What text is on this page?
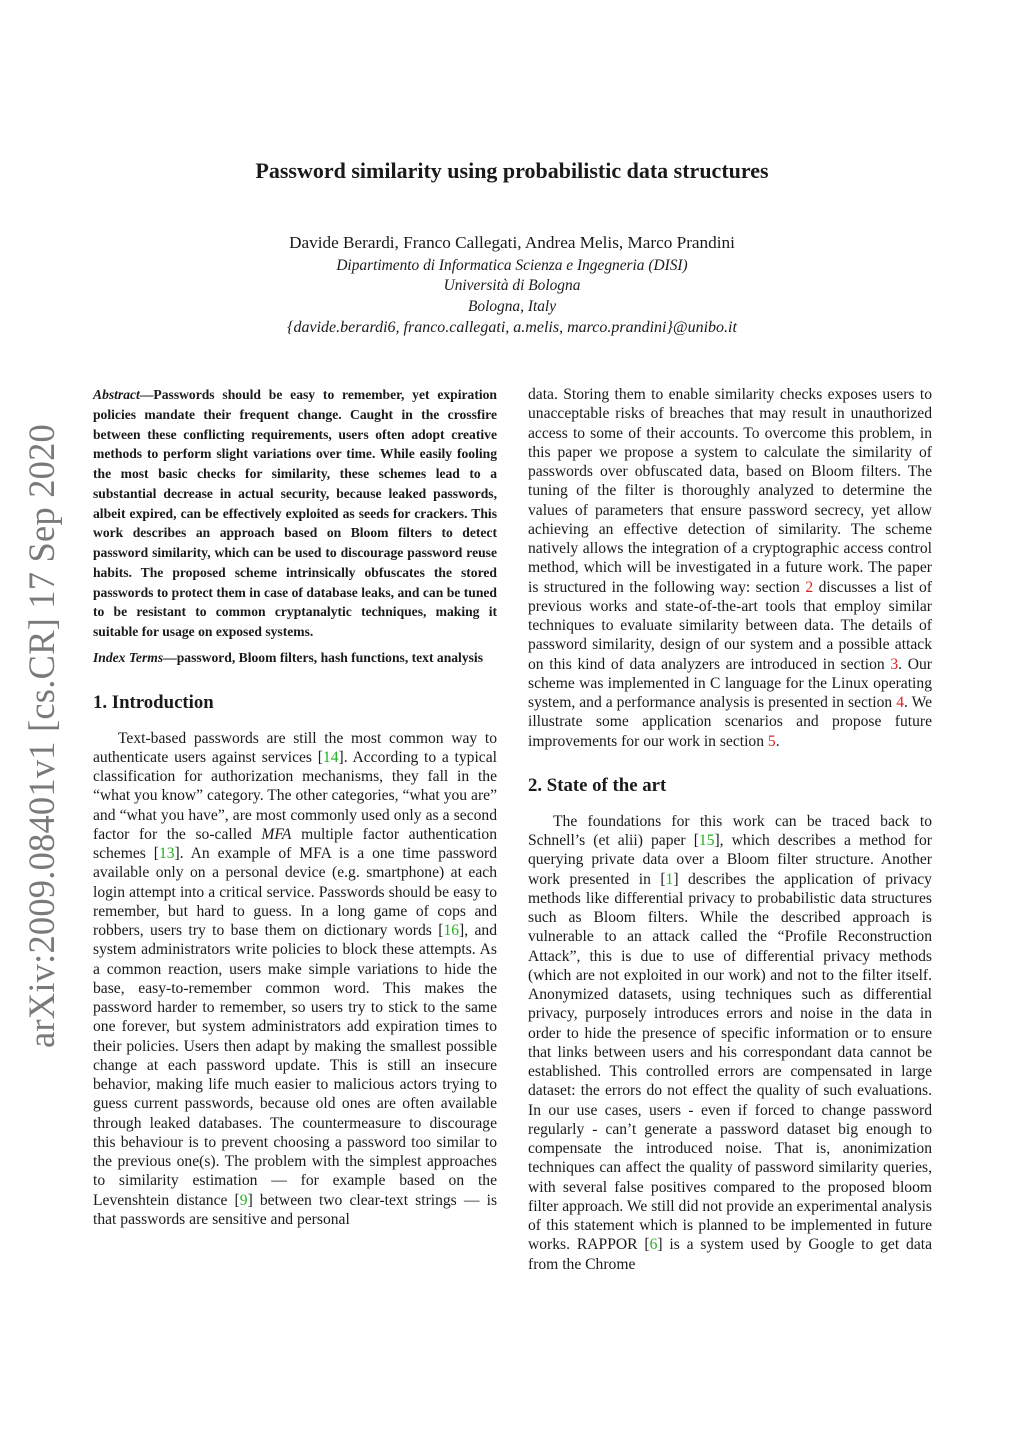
arXiv:2009.08401v1 [cs.CR] 17 Sep 2020
Password similarity using probabilistic data structures
Davide Berardi, Franco Callegati, Andrea Melis, Marco Prandini
Dipartimento di Informatica Scienza e Ingegneria (DISI)
Università di Bologna
Bologna, Italy
{davide.berardi6, franco.callegati, a.melis, marco.prandini}@unibo.it

Abstract—Passwords should be easy to remember, yet expiration policies mandate their frequent change. Caught in the crossfire between these conflicting requirements, users often adopt creative methods to perform slight variations over time. While easily fooling the most basic checks for similarity, these schemes lead to a substantial decrease in actual security, because leaked passwords, albeit expired, can be effectively exploited as seeds for crackers. This work describes an approach based on Bloom filters to detect password similarity, which can be used to discourage password reuse habits. The proposed scheme intrinsically obfuscates the stored passwords to protect them in case of database leaks, and can be tuned to be resistant to common cryptanalytic techniques, making it suitable for usage on exposed systems.

Index Terms—password, Bloom filters, hash functions, text analysis

1. Introduction

Text-based passwords are still the most common way to authenticate users against services [14]. According to a typical classification for authorization mechanisms, they fall in the “what you know” category. The other categories, “what you are” and “what you have”, are most commonly used only as a second factor for the so-called MFA multiple factor authentication schemes [13]. An example of MFA is a one time password available only on a personal device (e.g. smartphone) at each login attempt into a critical service. Passwords should be easy to remember, but hard to guess. In a long game of cops and robbers, users try to base them on dictionary words [16], and system administrators write policies to block these attempts. As a common reaction, users make simple variations to hide the base, easy-to-remember common word. This makes the password harder to remember, so users try to stick to the same one forever, but system administrators add expiration times to their policies. Users then adapt by making the smallest possible change at each password update. This is still an insecure behavior, making life much easier to malicious actors trying to guess current passwords, because old ones are often available through leaked databases. The countermeasure to discourage this behaviour is to prevent choosing a password too similar to the previous one(s). The problem with the simplest approaches to similarity estimation — for example based on the Levenshtein distance [9] between two clear-text strings — is that passwords are sensitive and personal

data. Storing them to enable similarity checks exposes users to unacceptable risks of breaches that may result in unauthorized access to some of their accounts. To overcome this problem, in this paper we propose a system to calculate the similarity of passwords over obfuscated data, based on Bloom filters. The tuning of the filter is thoroughly analyzed to determine the values of parameters that ensure password secrecy, yet allow achieving an effective detection of similarity. The scheme natively allows the integration of a cryptographic access control method, which will be investigated in a future work. The paper is structured in the following way: section 2 discusses a list of previous works and state-of-the-art tools that employ similar techniques to evaluate similarity between data. The details of password similarity, design of our system and a possible attack on this kind of data analyzers are introduced in section 3. Our scheme was implemented in C language for the Linux operating system, and a performance analysis is presented in section 4. We illustrate some application scenarios and propose future improvements for our work in section 5.

2. State of the art

The foundations for this work can be traced back to Schnell’s (et alii) paper [15], which describes a method for querying private data over a Bloom filter structure. Another work presented in [1] describes the application of privacy methods like differential privacy to probabilistic data structures such as Bloom filters. While the described approach is vulnerable to an attack called the “Profile Reconstruction Attack”, this is due to use of differential privacy methods (which are not exploited in our work) and not to the filter itself. Anonymized datasets, using techniques such as differential privacy, purposely introduces errors and noise in the data in order to hide the presence of specific information or to ensure that links between users and his correspondant data cannot be established. This controlled errors are compensated in large dataset: the errors do not effect the quality of such evaluations. In our use cases, users - even if forced to change password regularly - can’t generate a password dataset big enough to compensate the introduced noise. That is, anonimization techniques can affect the quality of password similarity queries, with several false positives compared to the proposed bloom filter approach. We still did not provide an experimental analysis of this statement which is planned to be implemented in future works. RAPPOR [6] is a system used by Google to get data from the Chrome
